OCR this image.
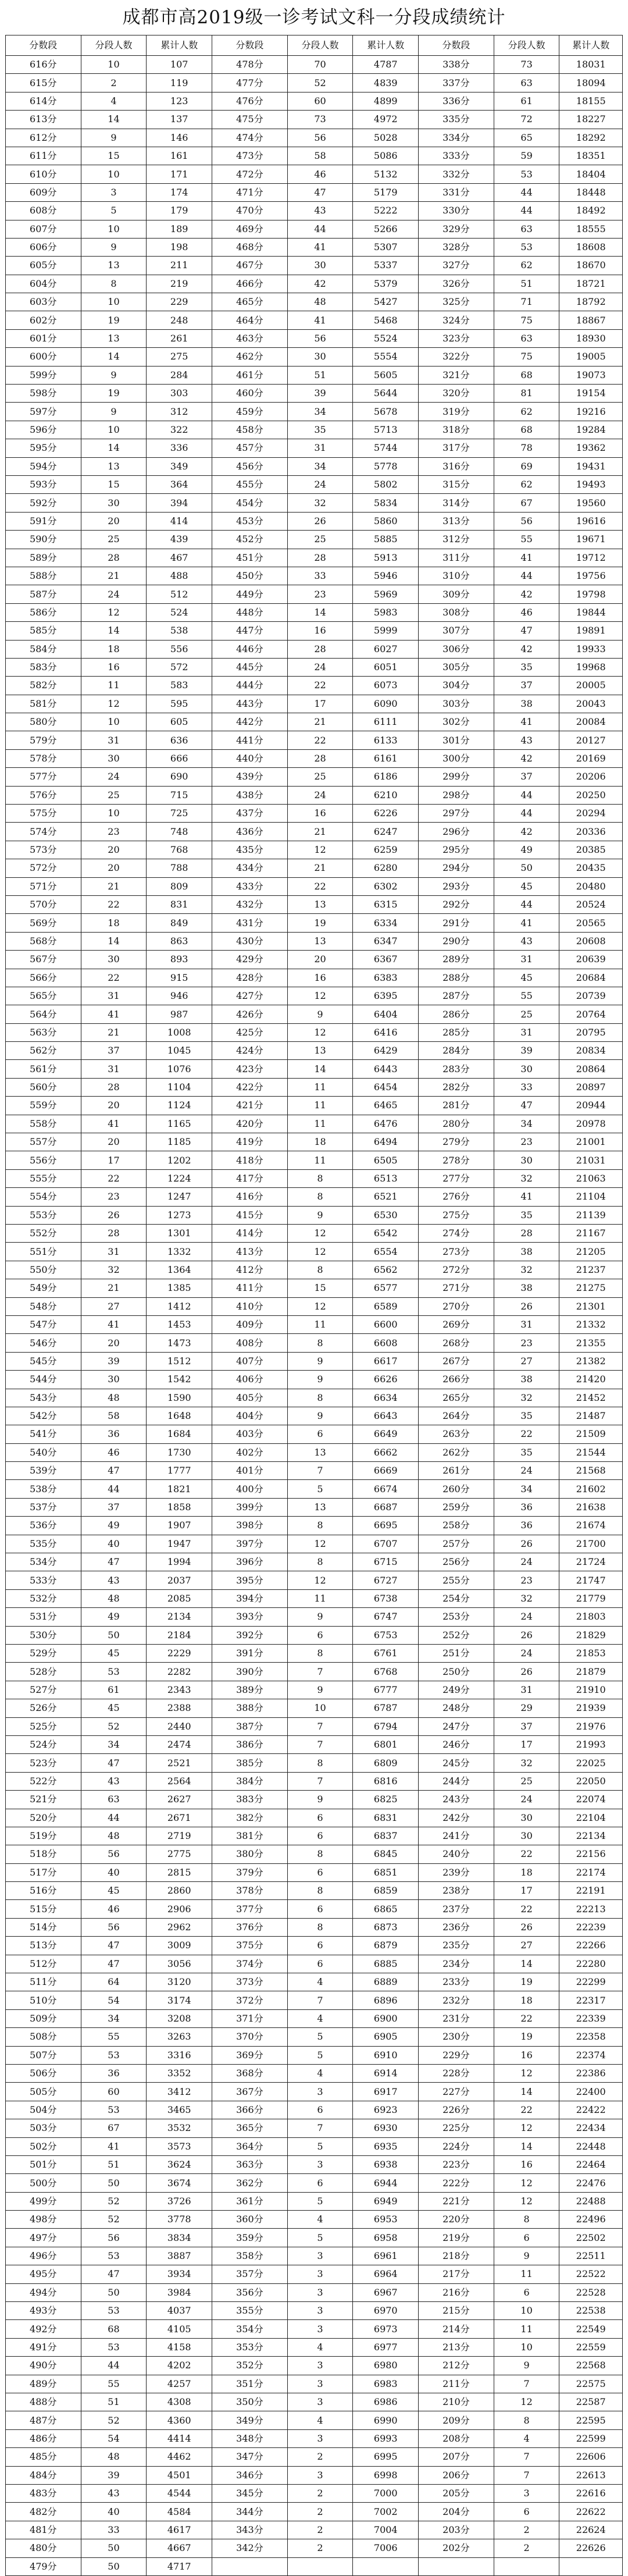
成都市高2019级一诊考试文科一分段成绩统计
分数段	分段人数	累计人数	分数段	分段人数	累计人数	分数段	分段人数	累计人数
616分	10	107	478分	70	4787	338分	73	18031
615分	2	119	477分	52	4839	337分	63	18094
614分	4	123	476分	60	4899	336分	61	18155
613分	14	137	475分	73	4972	335分	72	18227
612分	9	146	474分	56	5028	334分	65	18292
611分	15	161	473分	58	5086	333分	59	18351
610分	10	171	472分	46	5132	332分	53	18404
609分	3	174	471分	47	5179	331分	44	18448
608分	5	179	470分	43	5222	330分	44	18492
607分	10	189	469分	44	5266	329分	63	18555
606分	9	198	468分	41	5307	328分	53	18608
605分	13	211	467分	30	5337	327分	62	18670
604分	8	219	466分	42	5379	326分	51	18721
603分	10	229	465分	48	5427	325分	71	18792
602分	19	248	464分	41	5468	324分	75	18867
601分	13	261	463分	56	5524	323分	63	18930
600分	14	275	462分	30	5554	322分	75	19005
599分	9	284	461分	51	5605	321分	68	19073
598分	19	303	460分	39	5644	320分	81	19154
597分	9	312	459分	34	5678	319分	62	19216
596分	10	322	458分	35	5713	318分	68	19284
595分	14	336	457分	31	5744	317分	78	19362
594分	13	349	456分	34	5778	316分	69	19431
593分	15	364	455分	24	5802	315分	62	19493
592分	30	394	454分	32	5834	314分	67	19560
591分	20	414	453分	26	5860	313分	56	19616
590分	25	439	452分	25	5885	312分	55	19671
589分	28	467	451分	28	5913	311分	41	19712
588分	21	488	450分	33	5946	310分	44	19756
587分	24	512	449分	23	5969	309分	42	19798
586分	12	524	448分	14	5983	308分	46	19844
585分	14	538	447分	16	5999	307分	47	19891
584分	18	556	446分	28	6027	306分	42	19933
583分	16	572	445分	24	6051	305分	35	19968
582分	11	583	444分	22	6073	304分	37	20005
581分	12	595	443分	17	6090	303分	38	20043
580分	10	605	442分	21	6111	302分	41	20084
579分	31	636	441分	22	6133	301分	43	20127
578分	30	666	440分	28	6161	300分	42	20169
577分	24	690	439分	25	6186	299分	37	20206
576分	25	715	438分	24	6210	298分	44	20250
575分	10	725	437分	16	6226	297分	44	20294
574分	23	748	436分	21	6247	296分	42	20336
573分	20	768	435分	12	6259	295分	49	20385
572分	20	788	434分	21	6280	294分	50	20435
571分	21	809	433分	22	6302	293分	45	20480
570分	22	831	432分	13	6315	292分	44	20524
569分	18	849	431分	19	6334	291分	41	20565
568分	14	863	430分	13	6347	290分	43	20608
567分	30	893	429分	20	6367	289分	31	20639
566分	22	915	428分	16	6383	288分	45	20684
565分	31	946	427分	12	6395	287分	55	20739
564分	41	987	426分	9	6404	286分	25	20764
563分	21	1008	425分	12	6416	285分	31	20795
562分	37	1045	424分	13	6429	284分	39	20834
561分	31	1076	423分	14	6443	283分	30	20864
560分	28	1104	422分	11	6454	282分	33	20897
559分	20	1124	421分	11	6465	281分	47	20944
558分	41	1165	420分	11	6476	280分	34	20978
557分	20	1185	419分	18	6494	279分	23	21001
556分	17	1202	418分	11	6505	278分	30	21031
555分	22	1224	417分	8	6513	277分	32	21063
554分	23	1247	416分	8	6521	276分	41	21104
553分	26	1273	415分	9	6530	275分	35	21139
552分	28	1301	414分	12	6542	274分	28	21167
551分	31	1332	413分	12	6554	273分	38	21205
550分	32	1364	412分	8	6562	272分	32	21237
549分	21	1385	411分	15	6577	271分	38	21275
548分	27	1412	410分	12	6589	270分	26	21301
547分	41	1453	409分	11	6600	269分	31	21332
546分	20	1473	408分	8	6608	268分	23	21355
545分	39	1512	407分	9	6617	267分	27	21382
544分	30	1542	406分	9	6626	266分	38	21420
543分	48	1590	405分	8	6634	265分	32	21452
542分	58	1648	404分	9	6643	264分	35	21487
541分	36	1684	403分	6	6649	263分	22	21509
540分	46	1730	402分	13	6662	262分	35	21544
539分	47	1777	401分	7	6669	261分	24	21568
538分	44	1821	400分	5	6674	260分	34	21602
537分	37	1858	399分	13	6687	259分	36	21638
536分	49	1907	398分	8	6695	258分	36	21674
535分	40	1947	397分	12	6707	257分	26	21700
534分	47	1994	396分	8	6715	256分	24	21724
533分	43	2037	395分	12	6727	255分	23	21747
532分	48	2085	394分	11	6738	254分	32	21779
531分	49	2134	393分	9	6747	253分	24	21803
530分	50	2184	392分	6	6753	252分	26	21829
529分	45	2229	391分	8	6761	251分	24	21853
528分	53	2282	390分	7	6768	250分	26	21879
527分	61	2343	389分	9	6777	249分	31	21910
526分	45	2388	388分	10	6787	248分	29	21939
525分	52	2440	387分	7	6794	247分	37	21976
524分	34	2474	386分	7	6801	246分	17	21993
523分	47	2521	385分	8	6809	245分	32	22025
522分	43	2564	384分	7	6816	244分	25	22050
521分	63	2627	383分	9	6825	243分	24	22074
520分	44	2671	382分	6	6831	242分	30	22104
519分	48	2719	381分	6	6837	241分	30	22134
518分	56	2775	380分	8	6845	240分	22	22156
517分	40	2815	379分	6	6851	239分	18	22174
516分	45	2860	378分	8	6859	238分	17	22191
515分	46	2906	377分	6	6865	237分	22	22213
514分	56	2962	376分	8	6873	236分	26	22239
513分	47	3009	375分	6	6879	235分	27	22266
512分	47	3056	374分	6	6885	234分	14	22280
511分	64	3120	373分	4	6889	233分	19	22299
510分	54	3174	372分	7	6896	232分	18	22317
509分	34	3208	371分	4	6900	231分	22	22339
508分	55	3263	370分	5	6905	230分	19	22358
507分	53	3316	369分	5	6910	229分	16	22374
506分	36	3352	368分	4	6914	228分	12	22386
505分	60	3412	367分	3	6917	227分	14	22400
504分	53	3465	366分	6	6923	226分	22	22422
503分	67	3532	365分	7	6930	225分	12	22434
502分	41	3573	364分	5	6935	224分	14	22448
501分	51	3624	363分	3	6938	223分	16	22464
500分	50	3674	362分	6	6944	222分	12	22476
499分	52	3726	361分	5	6949	221分	12	22488
498分	52	3778	360分	4	6953	220分	8	22496
497分	56	3834	359分	5	6958	219分	6	22502
496分	53	3887	358分	3	6961	218分	9	22511
495分	47	3934	357分	3	6964	217分	11	22522
494分	50	3984	356分	3	6967	216分	6	22528
493分	53	4037	355分	3	6970	215分	10	22538
492分	68	4105	354分	3	6973	214分	11	22549
491分	53	4158	353分	4	6977	213分	10	22559
490分	44	4202	352分	3	6980	212分	9	22568
489分	55	4257	351分	3	6983	211分	7	22575
488分	51	4308	350分	3	6986	210分	12	22587
487分	52	4360	349分	4	6990	209分	8	22595
486分	54	4414	348分	3	6993	208分	4	22599
485分	48	4462	347分	2	6995	207分	7	22606
484分	39	4501	346分	3	6998	206分	7	22613
483分	43	4544	345分	2	7000	205分	3	22616
482分	40	4584	344分	2	7002	204分	6	22622
481分	33	4617	343分	2	7004	203分	2	22624
480分	50	4667	342分	2	7006	202分	2	22626
479分	50	4717						
